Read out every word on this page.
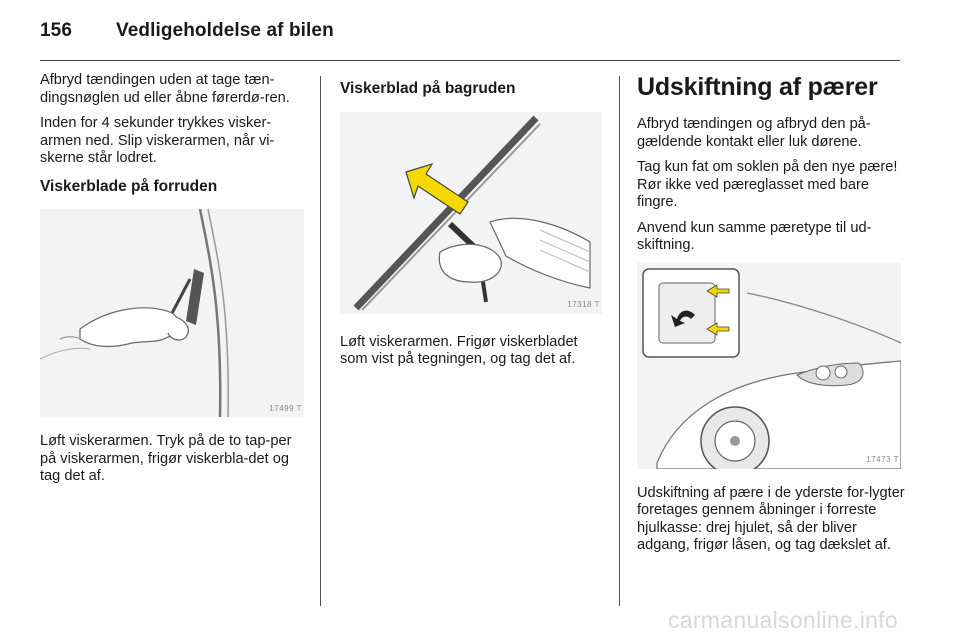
156 Vedligeholdelse af bilen

Afbryd tændingen uden at tage tæn-dingsnøglen ud eller åbne førerdø-ren.

Inden for 4 sekunder trykkes visker-armen ned. Slip viskerarmen, når vi-skerne står lodret.

Viskerblade på forruden
17499 T

Løft viskerarmen. Tryk på de to tap-per på viskerarmen, frigør viskerbla-det og tag det af.

Viskerblad på bagruden
17318 T

Løft viskerarmen. Frigør viskerbladet som vist på tegningen, og tag det af.

Udskiftning af pærer

Afbryd tændingen og afbryd den på-gældende kontakt eller luk dørene.

Tag kun fat om soklen på den nye pære! Rør ikke ved pæreglasset med bare fingre.

Anvend kun samme pæretype til ud-skiftning.

17473 T

Udskiftning af pære i de yderste for-lygter foretages gennem åbninger i forreste hjulkasse: drej hjulet, så der bliver adgang, frigør låsen, og tag dækslet af.

carmanualsonline.info
